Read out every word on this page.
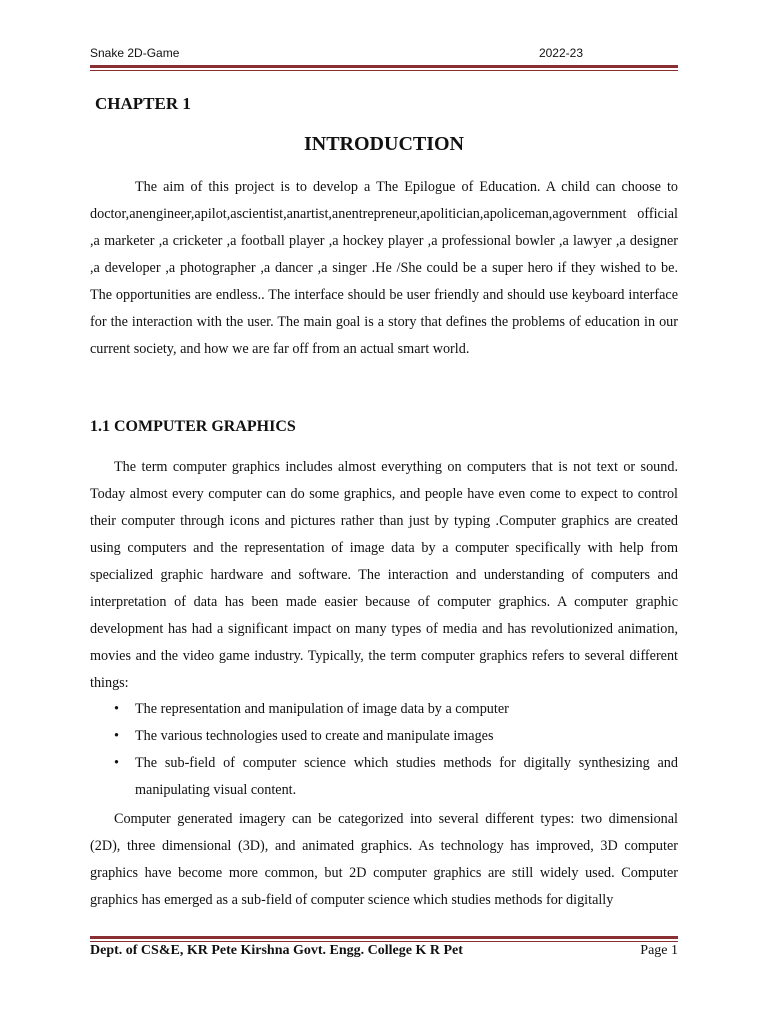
Snake 2D-Game	2022-23
CHAPTER 1
INTRODUCTION

The aim of this project is to develop a The Epilogue of Education. A child can choose to doctor,anengineer,apilot,ascientist,anartist,anentrepreneur,apolitician,apoliceman,agovernment official ,a marketer ,a cricketer ,a football player ,a hockey player ,a professional bowler ,a lawyer ,a designer ,a developer ,a photographer ,a dancer ,a singer .He /She could be a super hero if they wished to be. The opportunities are endless.. The interface should be user friendly and should use keyboard interface for the interaction with the user. The main goal is a story that defines the problems of education in our current society, and how we are far off from an actual smart world.

1.1 COMPUTER GRAPHICS

The term computer graphics includes almost everything on computers that is not text or sound. Today almost every computer can do some graphics, and people have even come to expect to control their computer through icons and pictures rather than just by typing .Computer graphics are created using computers and the representation of image data by a computer specifically with help from specialized graphic hardware and software. The interaction and understanding of computers and interpretation of data has been made easier because of computer graphics. A computer graphic development has had a significant impact on many types of media and has revolutionized animation, movies and the video game industry. Typically, the term computer graphics refers to several different things:

• The representation and manipulation of image data by a computer
• The various technologies used to create and manipulate images
• The sub-field of computer science which studies methods for digitally synthesizing and manipulating visual content.

Computer generated imagery can be categorized into several different types: two dimensional (2D), three dimensional (3D), and animated graphics. As technology has improved, 3D computer graphics have become more common, but 2D computer graphics are still widely used. Computer graphics has emerged as a sub-field of computer science which studies methods for digitally

Dept. of CS&E, KR Pete Kirshna Govt. Engg. College K R Pet	Page 1
